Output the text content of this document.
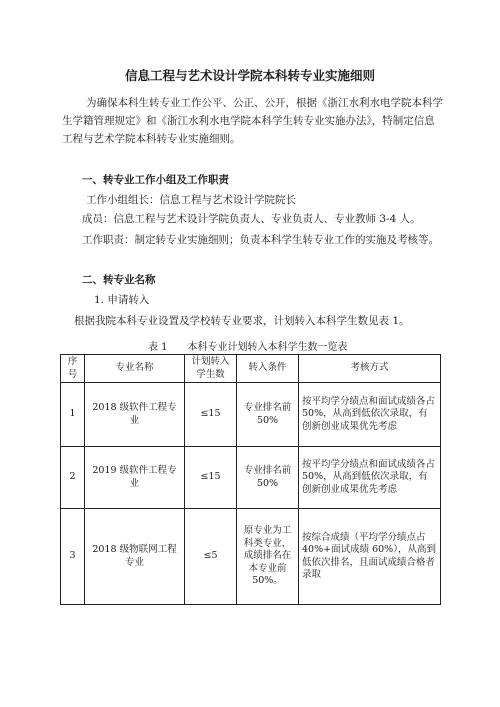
信息工程与艺术设计学院本科转专业实施细则
为确保本科生转专业工作公平、公正、公开，根据《浙江水利水电学院本科学
生学籍管理规定》和《浙江水利水电学院本科学生转专业实施办法》，特制定信息
工程与艺术学院本科转专业实施细则。
一、转专业工作小组及工作职责
工作小组组长：信息工程与艺术设计学院院长
成员：信息工程与艺术设计学院负责人、专业负责人、专业教师 3-4 人。
工作职责：制定转专业实施细则；负责本科学生转专业工作的实施及考核等。
二、转专业名称
1. 申请转入
根据我院本科专业设置及学校转专业要求，计划转入本科学生数见表 1。
表 1　　本科专业计划转入本科学生数一览表
序号	专业名称	计划转入学生数	转入条件	考核方式
1	2018 级软件工程专业	≤15	专业排名前 50%	按平均学分绩点和面试成绩各占 50%，从高到低依次录取，有创新创业成果优先考虑
2	2019 级软件工程专业	≤15	专业排名前 50%	按平均学分绩点和面试成绩各占 50%，从高到低依次录取，有创新创业成果优先考虑
3	2018 级物联网工程专业	≤5	原专业为工科类专业，成绩排名在本专业前 50%。	按综合成绩（平均学分绩点占 40%+面试成绩 60%），从高到低依次排名，且面试成绩合格者录取
